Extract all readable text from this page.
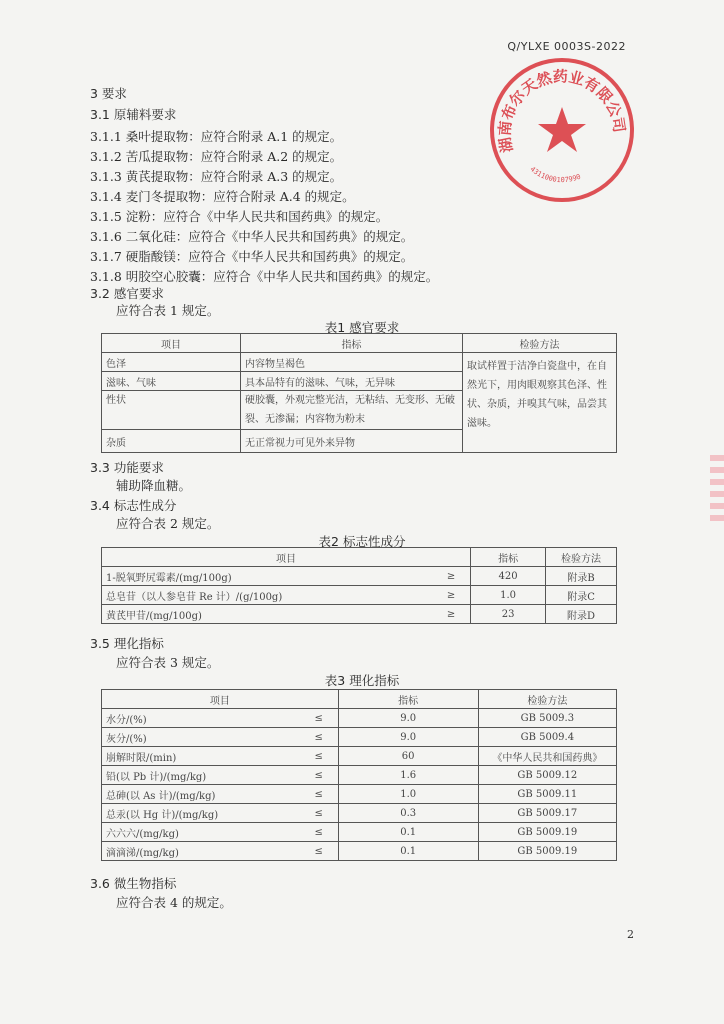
Q/YLXE 0003S-2022
湖南布尔天然药业有限公司
4311000107990
3 要求
3.1 原辅料要求
3.1.1 桑叶提取物：应符合附录 A.1 的规定。
3.1.2 苦瓜提取物：应符合附录 A.2 的规定。
3.1.3 黄芪提取物：应符合附录 A.3 的规定。
3.1.4 麦门冬提取物：应符合附录 A.4 的规定。
3.1.5 淀粉：应符合《中华人民共和国药典》的规定。
3.1.6 二氧化硅：应符合《中华人民共和国药典》的规定。
3.1.7 硬脂酸镁：应符合《中华人民共和国药典》的规定。
3.1.8 明胶空心胶囊：应符合《中华人民共和国药典》的规定。
3.2 感官要求
应符合表 1 规定。
表1 感官要求
项目	指标	检验方法
色泽	内容物呈褐色	取试样置于洁净白瓷盘中，在自然光下，用肉眼观察其色泽、性状、杂质，并嗅其气味，品尝其滋味。
滋味、气味	具本品特有的滋味、气味，无异味	
性状	硬胶囊，外观完整光洁，无粘结、无变形、无破裂、无渗漏；内容物为粉末	
杂质	无正常视力可见外来异物	
3.3 功能要求
辅助降血糖。
3.4 标志性成分
应符合表 2 规定。
表2 标志性成分
项目		指标	检验方法
1-脱氧野尻霉素/(mg/100g)	≥	420	附录B
总皂苷（以人参皂苷 Re 计）/(g/100g)	≥	1.0	附录C
黄芪甲苷/(mg/100g)	≥	23	附录D
3.5 理化指标
应符合表 3 规定。
表3 理化指标
项目		指标	检验方法
水分/(%)	≤	9.0	GB 5009.3
灰分/(%)	≤	9.0	GB 5009.4
崩解时限/(min)	≤	60	《中华人民共和国药典》
铅(以 Pb 计)/(mg/kg)	≤	1.6	GB 5009.12
总砷(以 As 计)/(mg/kg)	≤	1.0	GB 5009.11
总汞(以 Hg 计)/(mg/kg)	≤	0.3	GB 5009.17
六六六/(mg/kg)	≤	0.1	GB 5009.19
滴滴涕/(mg/kg)	≤	0.1	GB 5009.19
3.6 微生物指标
应符合表 4 的规定。
2
